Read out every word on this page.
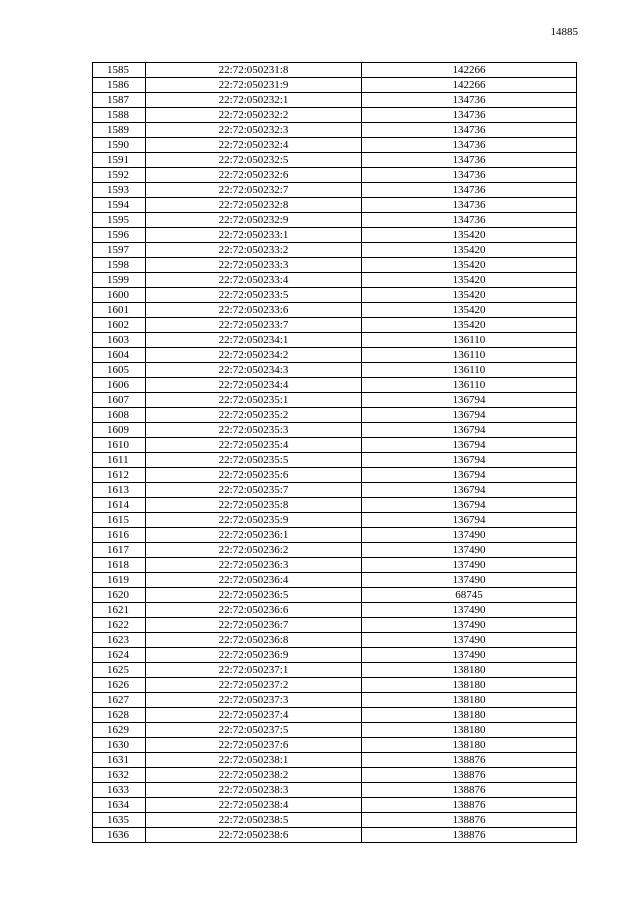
14885
1585	22:72:050231:8	142266
1586	22:72:050231:9	142266
1587	22:72:050232:1	134736
1588	22:72:050232:2	134736
1589	22:72:050232:3	134736
1590	22:72:050232:4	134736
1591	22:72:050232:5	134736
1592	22:72:050232:6	134736
1593	22:72:050232:7	134736
1594	22:72:050232:8	134736
1595	22:72:050232:9	134736
1596	22:72:050233:1	135420
1597	22:72:050233:2	135420
1598	22:72:050233:3	135420
1599	22:72:050233:4	135420
1600	22:72:050233:5	135420
1601	22:72:050233:6	135420
1602	22:72:050233:7	135420
1603	22:72:050234:1	136110
1604	22:72:050234:2	136110
1605	22:72:050234:3	136110
1606	22:72:050234:4	136110
1607	22:72:050235:1	136794
1608	22:72:050235:2	136794
1609	22:72:050235:3	136794
1610	22:72:050235:4	136794
1611	22:72:050235:5	136794
1612	22:72:050235:6	136794
1613	22:72:050235:7	136794
1614	22:72:050235:8	136794
1615	22:72:050235:9	136794
1616	22:72:050236:1	137490
1617	22:72:050236:2	137490
1618	22:72:050236:3	137490
1619	22:72:050236:4	137490
1620	22:72:050236:5	68745
1621	22:72:050236:6	137490
1622	22:72:050236:7	137490
1623	22:72:050236:8	137490
1624	22:72:050236:9	137490
1625	22:72:050237:1	138180
1626	22:72:050237:2	138180
1627	22:72:050237:3	138180
1628	22:72:050237:4	138180
1629	22:72:050237:5	138180
1630	22:72:050237:6	138180
1631	22:72:050238:1	138876
1632	22:72:050238:2	138876
1633	22:72:050238:3	138876
1634	22:72:050238:4	138876
1635	22:72:050238:5	138876
1636	22:72:050238:6	138876
